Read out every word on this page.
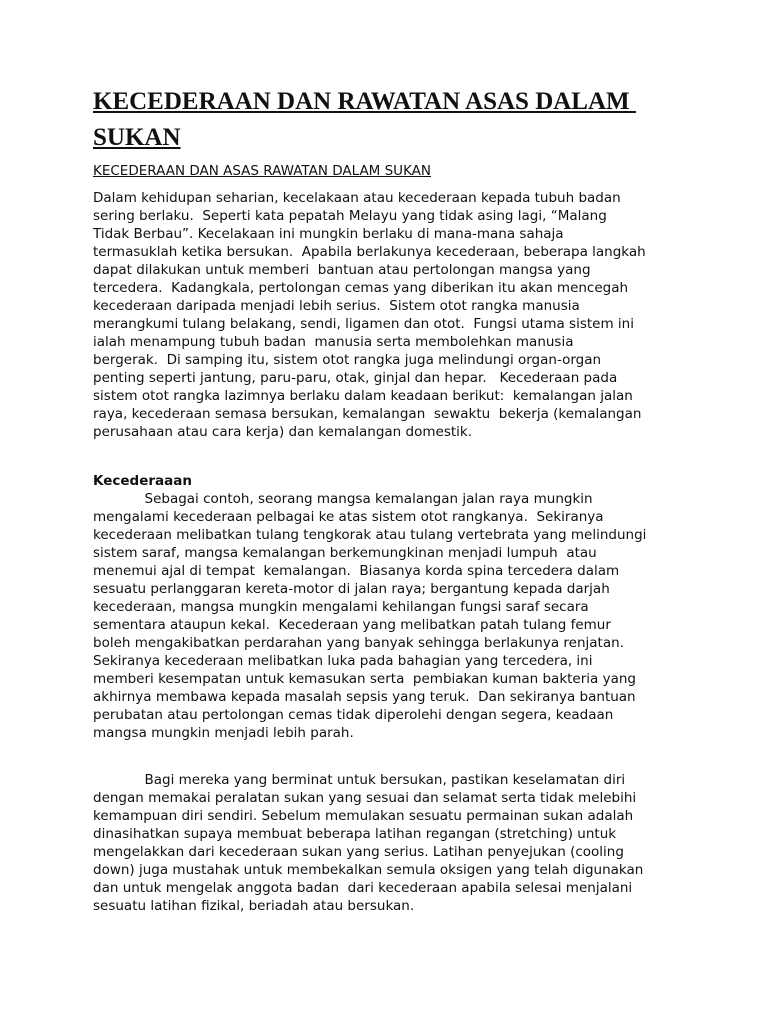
KECEDERAAN DAN RAWATAN ASAS DALAM SUKAN
KECEDERAAN DAN ASAS RAWATAN DALAM SUKAN
Dalam kehidupan seharian, kecelakaan atau kecederaan kepada tubuh badan
sering berlaku.  Seperti kata pepatah Melayu yang tidak asing lagi, “Malang
Tidak Berbau”. Kecelakaan ini mungkin berlaku di mana-mana sahaja
termasuklah ketika bersukan.  Apabila berlakunya kecederaan, beberapa langkah
dapat dilakukan untuk memberi  bantuan atau pertolongan mangsa yang
tercedera.  Kadangkala, pertolongan cemas yang diberikan itu akan mencegah
kecederaan daripada menjadi lebih serius.  Sistem otot rangka manusia
merangkumi tulang belakang, sendi, ligamen dan otot.  Fungsi utama sistem ini
ialah menampung tubuh badan  manusia serta membolehkan manusia
bergerak.  Di samping itu, sistem otot rangka juga melindungi organ-organ
penting seperti jantung, paru-paru, otak, ginjal dan hepar.   Kecederaan pada
sistem otot rangka lazimnya berlaku dalam keadaan berikut:  kemalangan jalan
raya, kecederaan semasa bersukan, kemalangan  sewaktu  bekerja (kemalangan
perusahaan atau cara kerja) dan kemalangan domestik.
Kecederaaan
Sebagai contoh, seorang mangsa kemalangan jalan raya mungkin
mengalami kecederaan pelbagai ke atas sistem otot rangkanya.  Sekiranya
kecederaan melibatkan tulang tengkorak atau tulang vertebrata yang melindungi
sistem saraf, mangsa kemalangan berkemungkinan menjadi lumpuh  atau
menemui ajal di tempat  kemalangan.  Biasanya korda spina tercedera dalam
sesuatu perlanggaran kereta-motor di jalan raya; bergantung kepada darjah
kecederaan, mangsa mungkin mengalami kehilangan fungsi saraf secara
sementara ataupun kekal.  Kecederaan yang melibatkan patah tulang femur
boleh mengakibatkan perdarahan yang banyak sehingga berlakunya renjatan.
Sekiranya kecederaan melibatkan luka pada bahagian yang tercedera, ini
memberi kesempatan untuk kemasukan serta  pembiakan kuman bakteria yang
akhirnya membawa kepada masalah sepsis yang teruk.  Dan sekiranya bantuan
perubatan atau pertolongan cemas tidak diperolehi dengan segera, keadaan
mangsa mungkin menjadi lebih parah.
Bagi mereka yang berminat untuk bersukan, pastikan keselamatan diri
dengan memakai peralatan sukan yang sesuai dan selamat serta tidak melebihi
kemampuan diri sendiri. Sebelum memulakan sesuatu permainan sukan adalah
dinasihatkan supaya membuat beberapa latihan regangan (stretching) untuk
mengelakkan dari kecederaan sukan yang serius. Latihan penyejukan (cooling
down) juga mustahak untuk membekalkan semula oksigen yang telah digunakan
dan untuk mengelak anggota badan  dari kecederaan apabila selesai menjalani
sesuatu latihan fizikal, beriadah atau bersukan.
